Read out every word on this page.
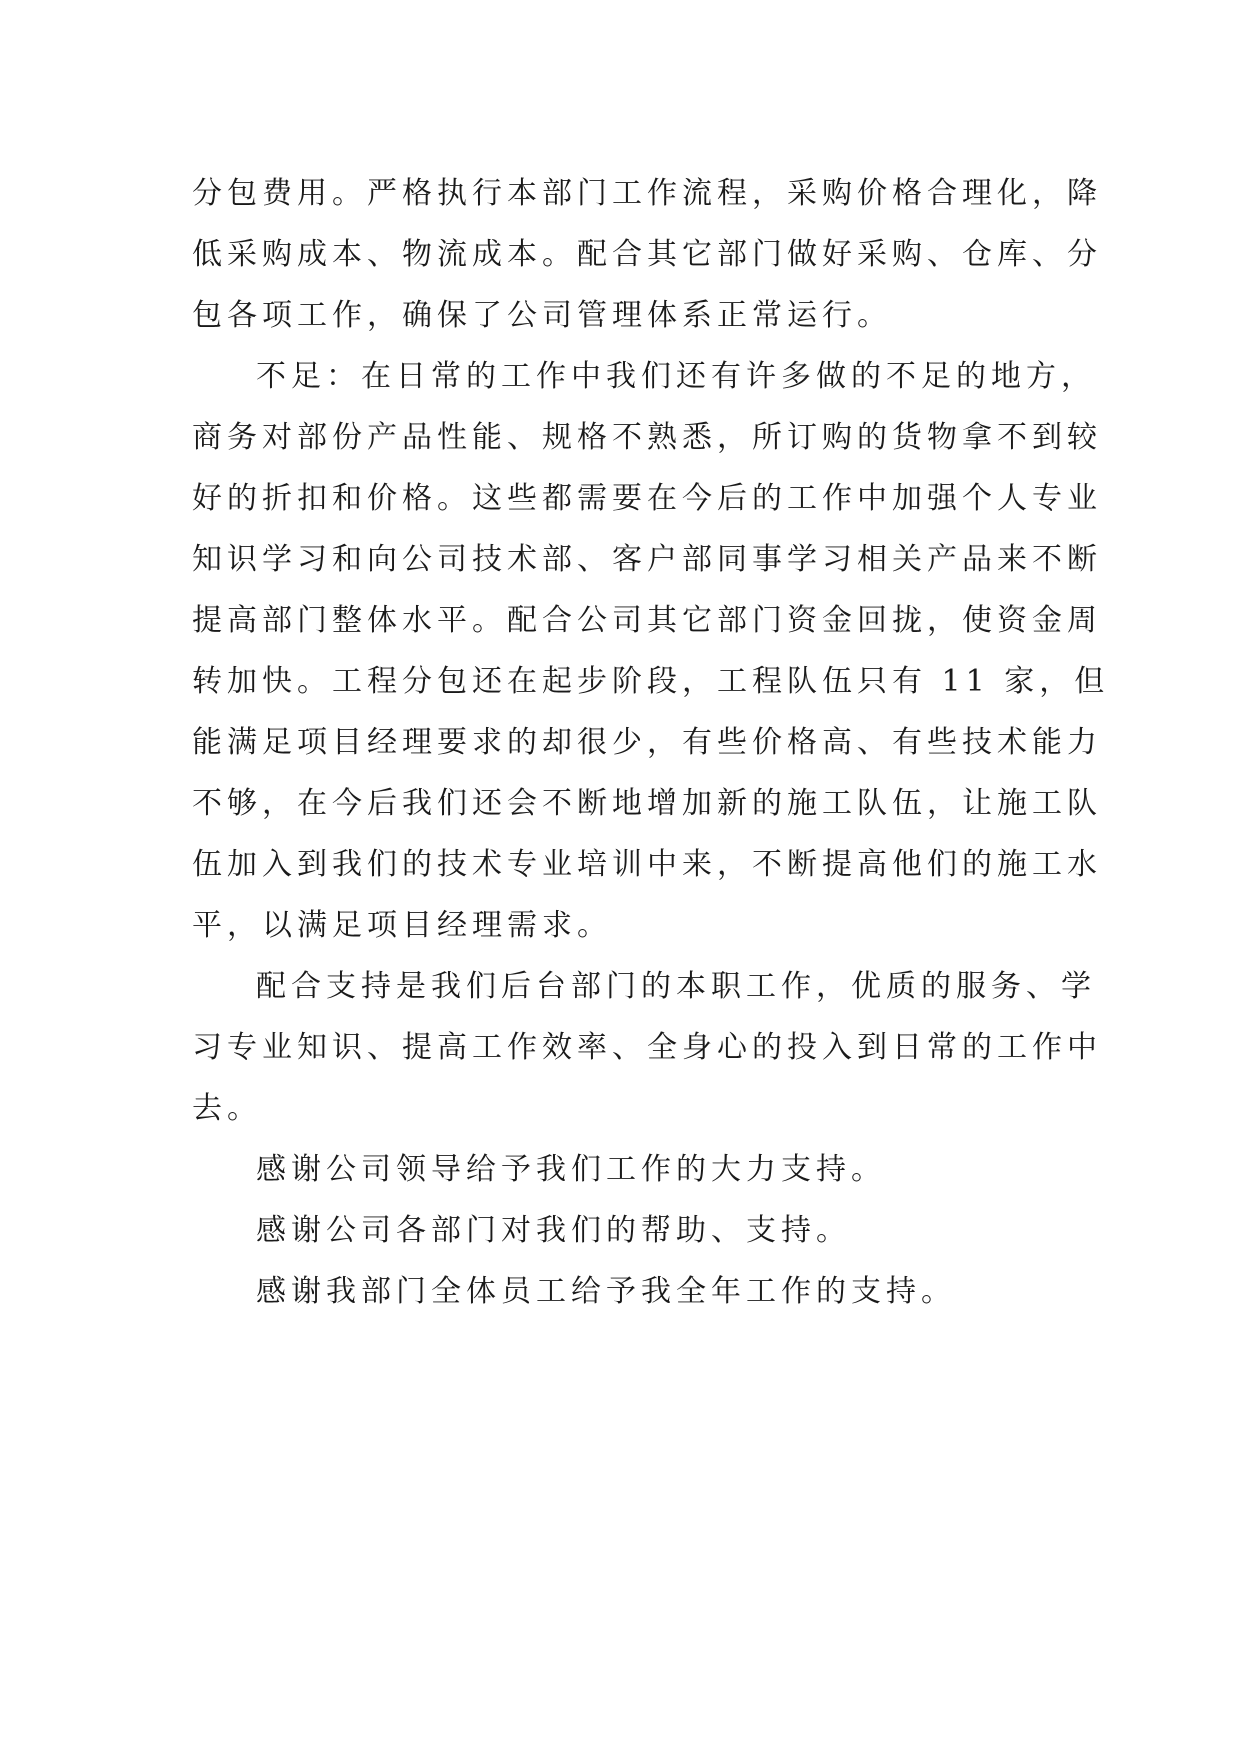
分包费用。严格执行本部门工作流程，采购价格合理化，降
低采购成本、物流成本。配合其它部门做好采购、仓库、分
包各项工作，确保了公司管理体系正常运行。
不足：在日常的工作中我们还有许多做的不足的地方，
商务对部份产品性能、规格不熟悉，所订购的货物拿不到较
好的折扣和价格。这些都需要在今后的工作中加强个人专业
知识学习和向公司技术部、客户部同事学习相关产品来不断
提高部门整体水平。配合公司其它部门资金回拢，使资金周
转加快。工程分包还在起步阶段，工程队伍只有 11 家，但
能满足项目经理要求的却很少，有些价格高、有些技术能力
不够，在今后我们还会不断地增加新的施工队伍，让施工队
伍加入到我们的技术专业培训中来，不断提高他们的施工水
平，以满足项目经理需求。
配合支持是我们后台部门的本职工作，优质的服务、学
习专业知识、提高工作效率、全身心的投入到日常的工作中
去。
感谢公司领导给予我们工作的大力支持。
感谢公司各部门对我们的帮助、支持。
感谢我部门全体员工给予我全年工作的支持。
